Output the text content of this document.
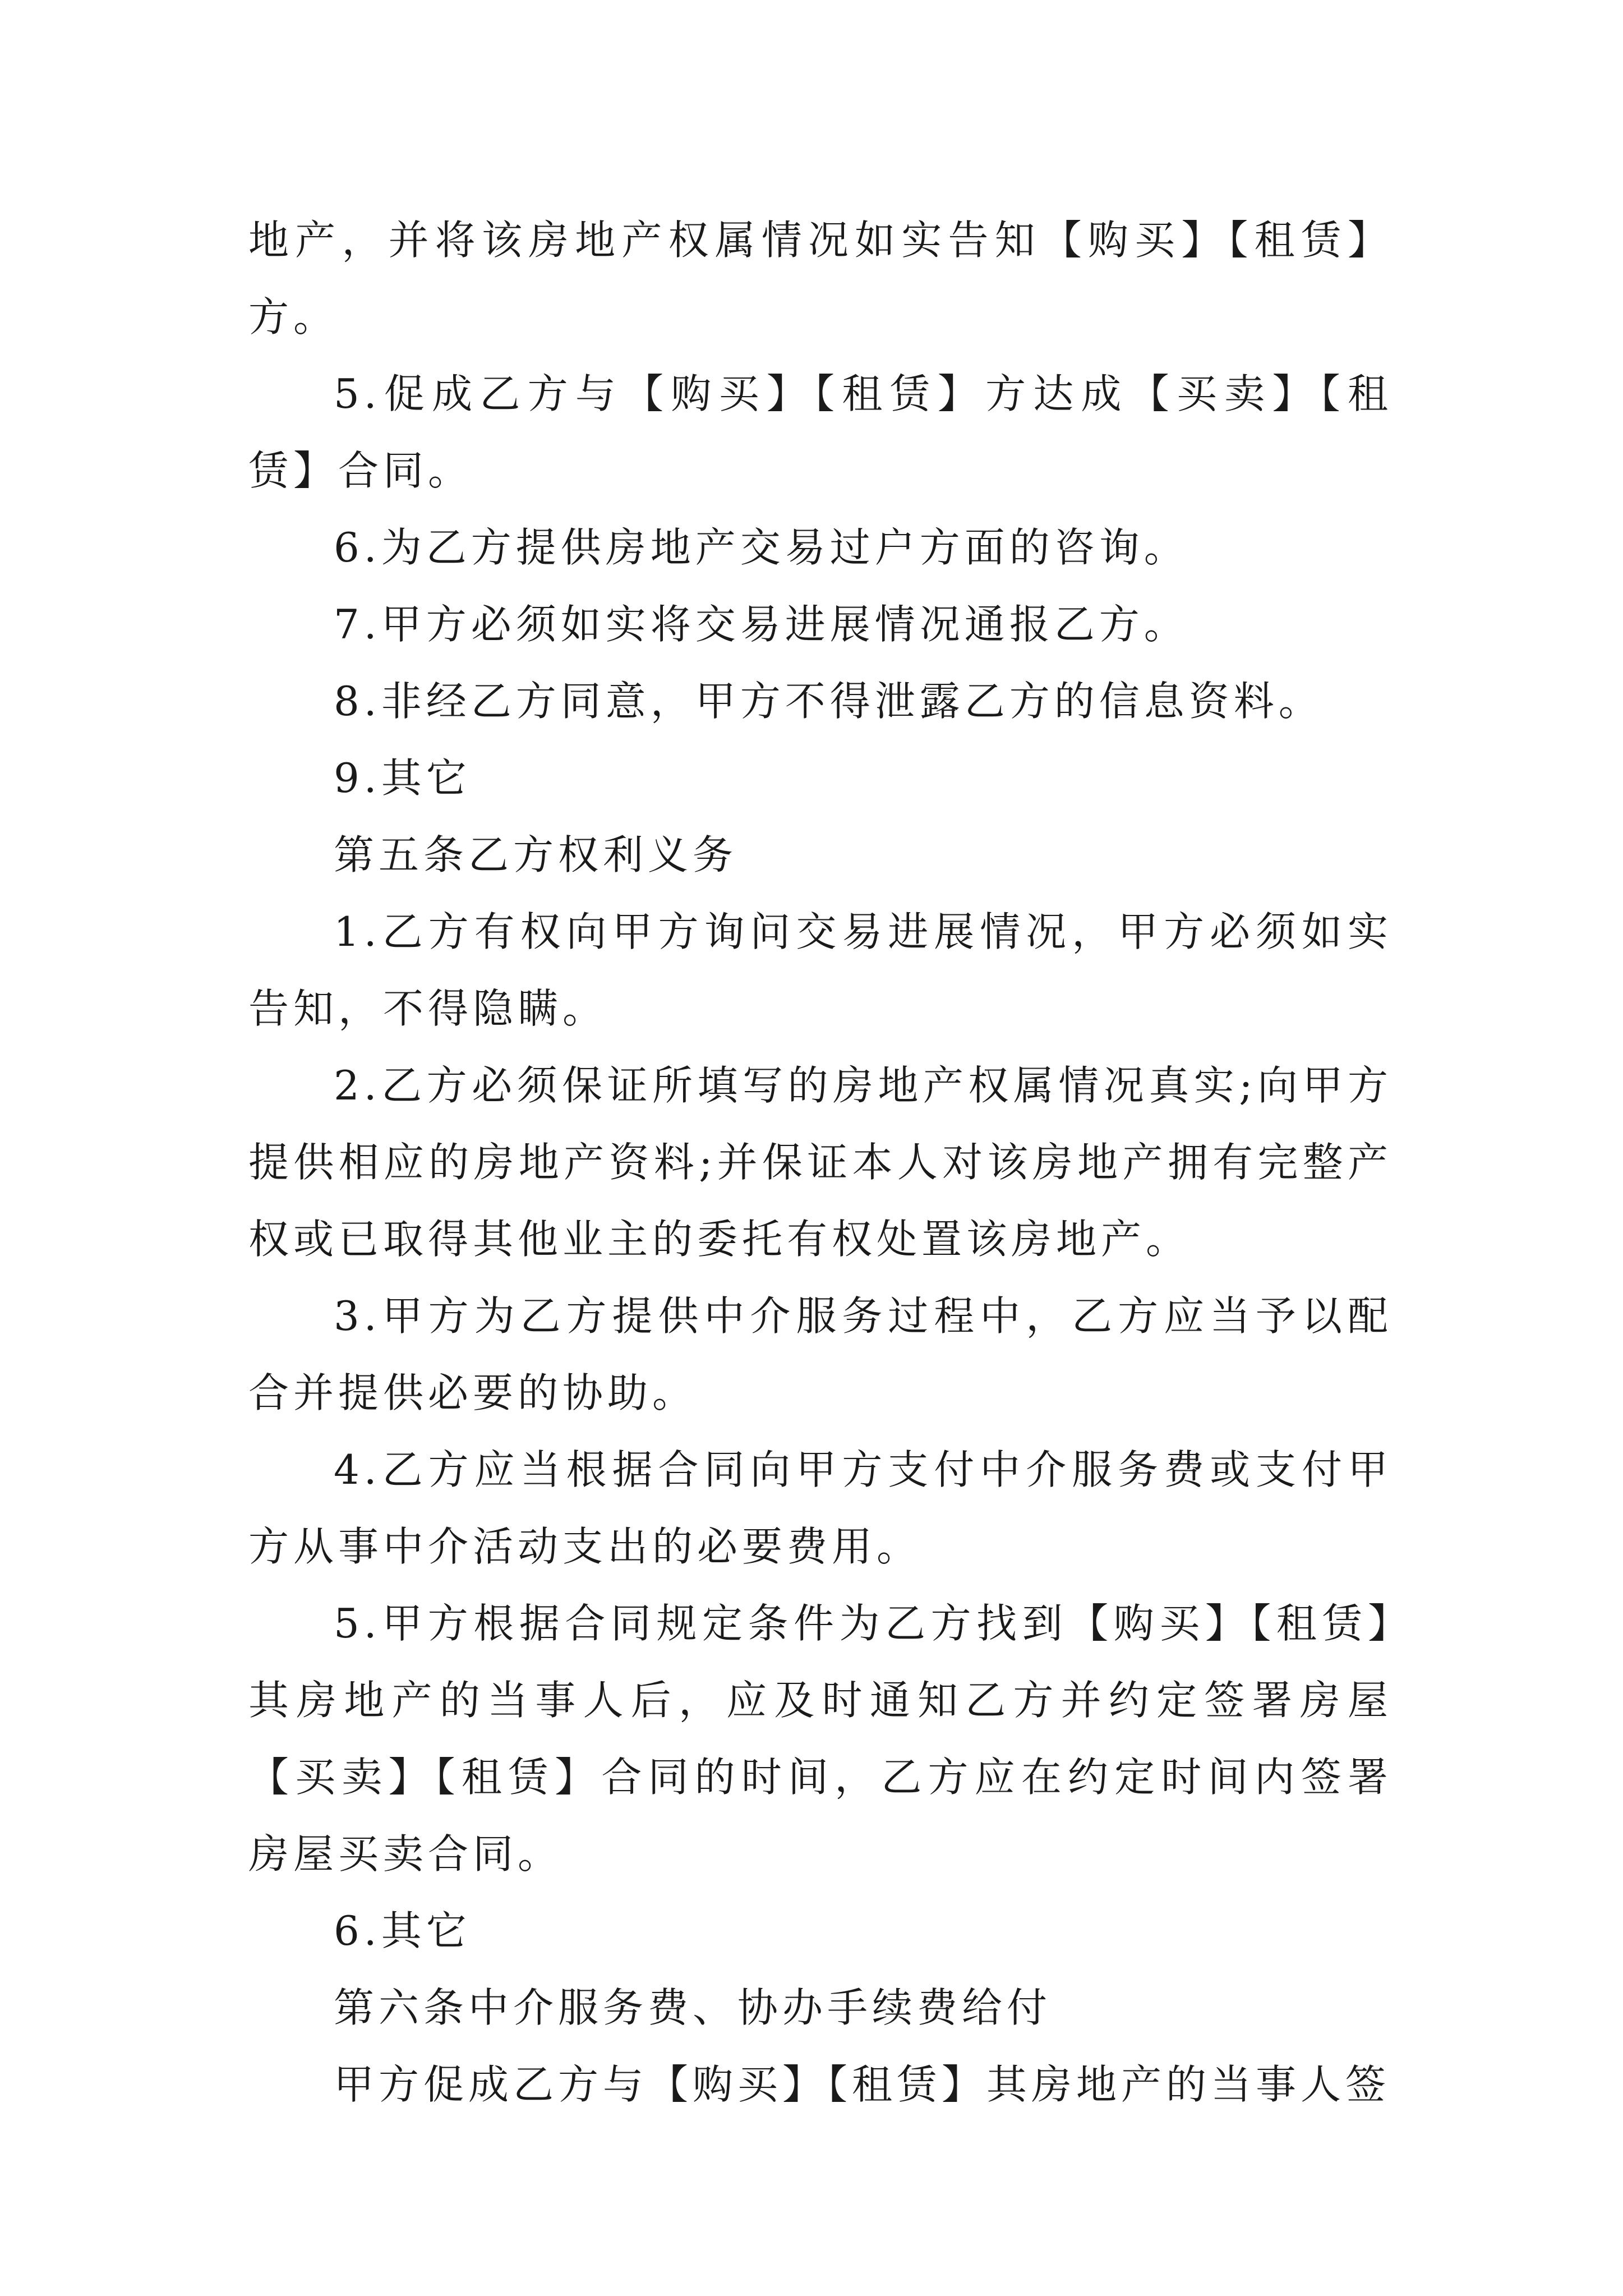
地产，并将该房地产权属情况如实告知【购买】【租赁】方。

5.促成乙方与【购买】【租赁】方达成【买卖】【租赁】合同。

6.为乙方提供房地产交易过户方面的咨询。

7.甲方必须如实将交易进展情况通报乙方。

8.非经乙方同意，甲方不得泄露乙方的信息资料。

9.其它

第五条乙方权利义务

1.乙方有权向甲方询问交易进展情况，甲方必须如实告知，不得隐瞒。

2.乙方必须保证所填写的房地产权属情况真实;向甲方提供相应的房地产资料;并保证本人对该房地产拥有完整产权或已取得其他业主的委托有权处置该房地产。

3.甲方为乙方提供中介服务过程中，乙方应当予以配合并提供必要的协助。

4.乙方应当根据合同向甲方支付中介服务费或支付甲方从事中介活动支出的必要费用。

5.甲方根据合同规定条件为乙方找到【购买】【租赁】其房地产的当事人后，应及时通知乙方并约定签署房屋【买卖】【租赁】合同的时间，乙方应在约定时间内签署房屋买卖合同。

6.其它

第六条中介服务费、协办手续费给付

甲方促成乙方与【购买】【租赁】其房地产的当事人签
